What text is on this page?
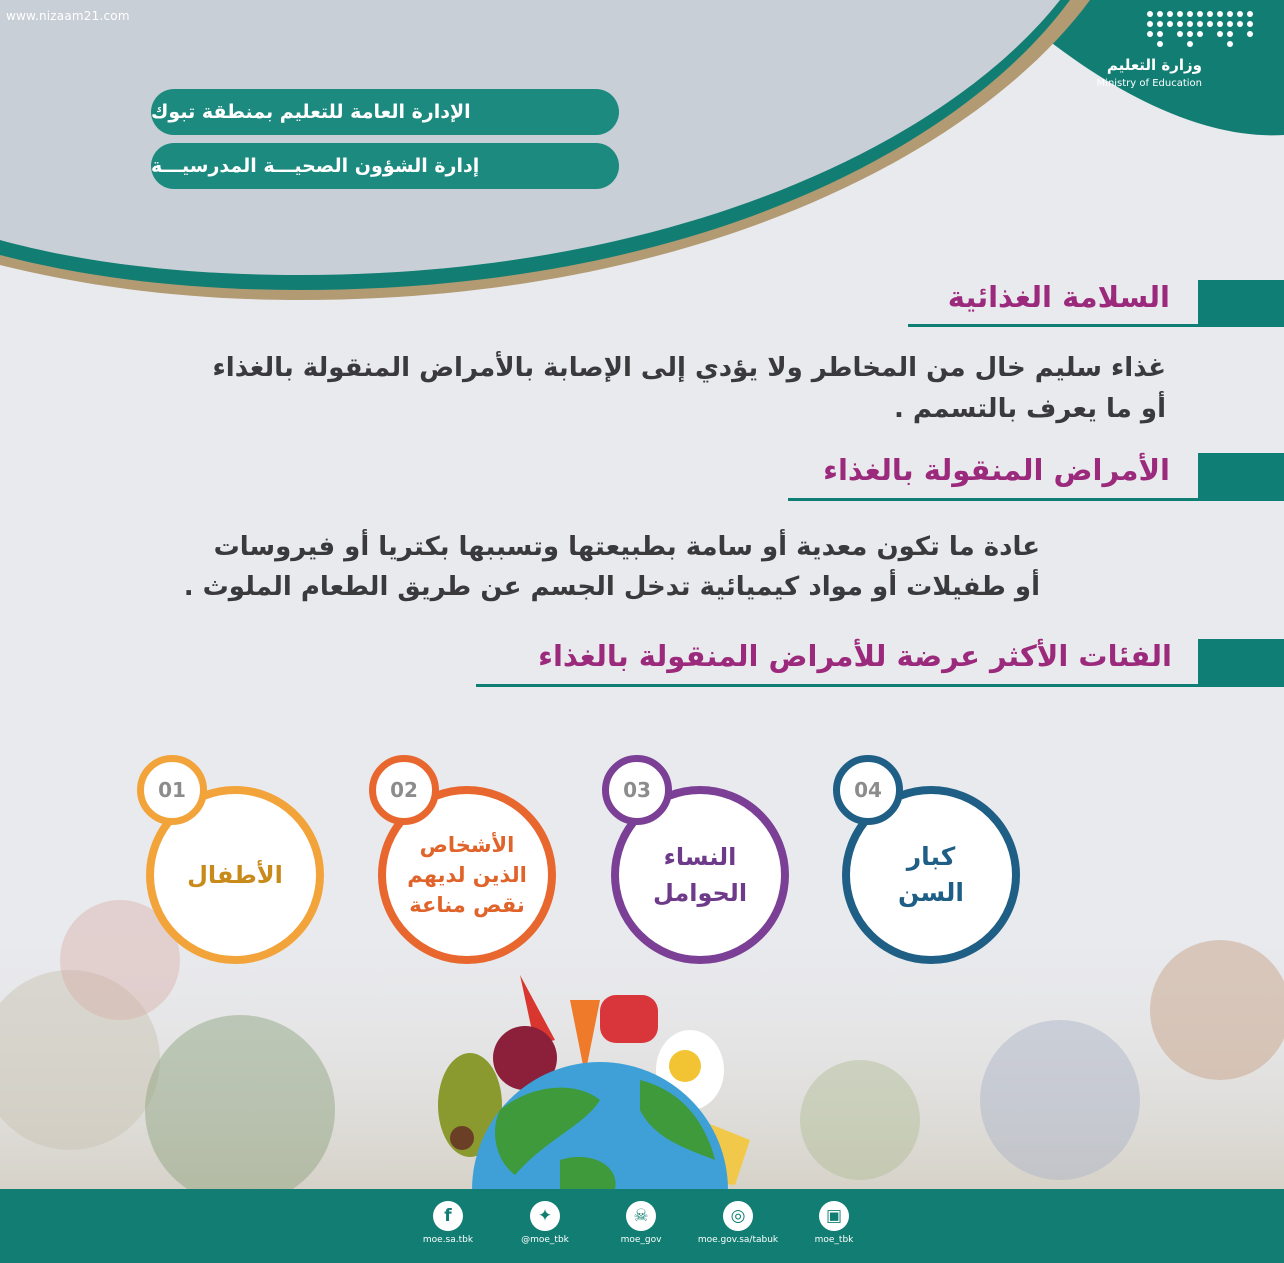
www.nizaam21.com
وزارة التعليم
Ministry of Education
الإدارة العامة للتعليم بمنطقة تبوك
إدارة الشؤون الصحيـــة المدرسيـــة
السلامة الغذائية
غذاء سليم خال من المخاطر ولا يؤدي إلى الإصابة بالأمراض المنقولة بالغذاء
أو ما يعرف بالتسمم .
الأمراض المنقولة بالغذاء
عادة ما تكون معدية أو سامة بطبيعتها وتسببها بكتريا أو فيروسات
أو طفيلات أو مواد كيميائية تدخل الجسم عن طريق الطعام الملوث .
الفئات الأكثر عرضة للأمراض المنقولة بالغذاء
الأطفال
01
الأشخاص
الذين لديهم
نقص مناعة
02
النساء
الحوامل
03
كبار
السن
04
f
moe.sa.tbk
✦
@moe_tbk
☠
moe_gov
◎
moe.gov.sa/tabuk
▣
moe_tbk
